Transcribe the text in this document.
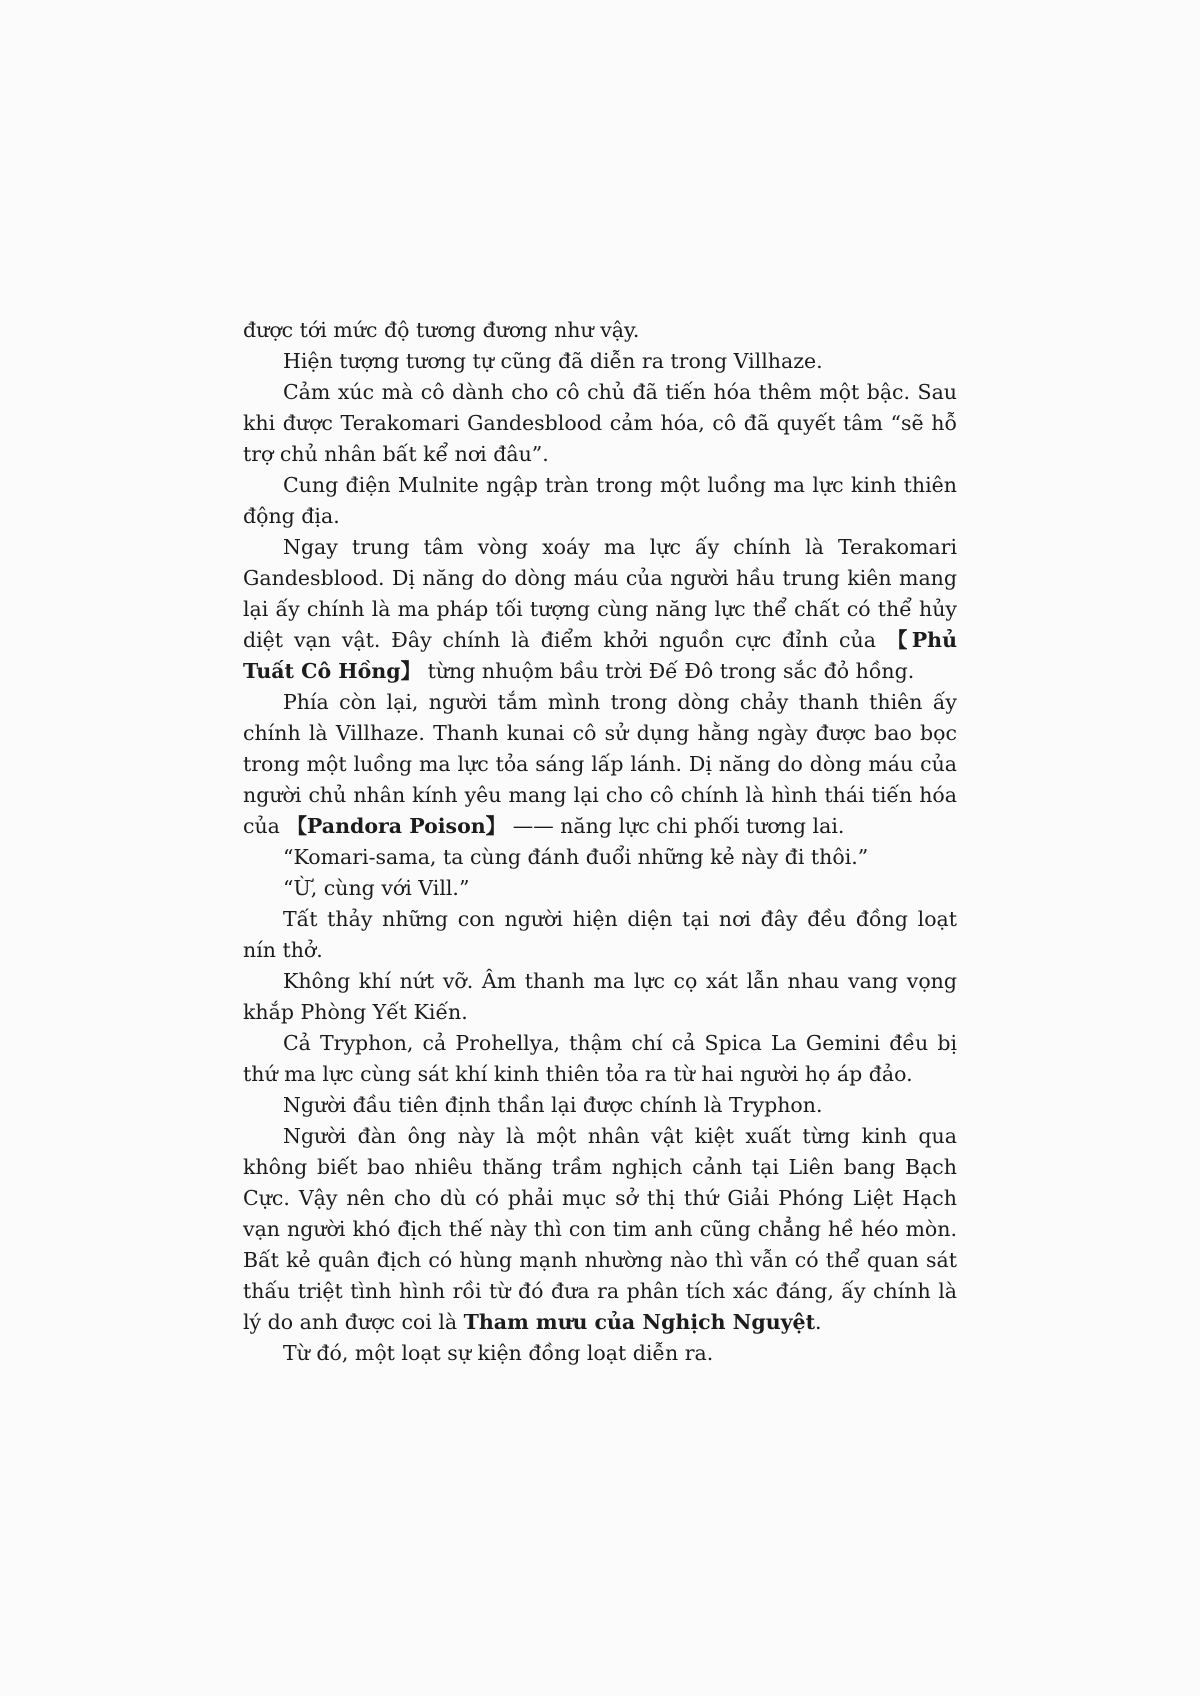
được tới mức độ tương đương như vậy.

Hiện tượng tương tự cũng đã diễn ra trong Villhaze.

Cảm xúc mà cô dành cho cô chủ đã tiến hóa thêm một bậc. Sau khi được Terakomari Gandesblood cảm hóa, cô đã quyết tâm “sẽ hỗ trợ chủ nhân bất kể nơi đâu”.

Cung điện Mulnite ngập tràn trong một luồng ma lực kinh thiên động địa.

Ngay trung tâm vòng xoáy ma lực ấy chính là Terakomari Gandesblood. Dị năng do dòng máu của người hầu trung kiên mang lại ấy chính là ma pháp tối tượng cùng năng lực thể chất có thể hủy diệt vạn vật. Đây chính là điểm khởi nguồn cực đỉnh của 【Phủ Tuất Cô Hồng】 từng nhuộm bầu trời Đế Đô trong sắc đỏ hồng.

Phía còn lại, người tắm mình trong dòng chảy thanh thiên ấy chính là Villhaze. Thanh kunai cô sử dụng hằng ngày được bao bọc trong một luồng ma lực tỏa sáng lấp lánh. Dị năng do dòng máu của người chủ nhân kính yêu mang lại cho cô chính là hình thái tiến hóa của 【Pandora Poison】 —— năng lực chi phối tương lai.

“Komari-sama, ta cùng đánh đuổi những kẻ này đi thôi.”

“Ừ, cùng với Vill.”

Tất thảy những con người hiện diện tại nơi đây đều đồng loạt nín thở.

Không khí nứt vỡ. Âm thanh ma lực cọ xát lẫn nhau vang vọng khắp Phòng Yết Kiến.

Cả Tryphon, cả Prohellya, thậm chí cả Spica La Gemini đều bị thứ ma lực cùng sát khí kinh thiên tỏa ra từ hai người họ áp đảo.

Người đầu tiên định thần lại được chính là Tryphon.

Người đàn ông này là một nhân vật kiệt xuất từng kinh qua không biết bao nhiêu thăng trầm nghịch cảnh tại Liên bang Bạch Cực. Vậy nên cho dù có phải mục sở thị thứ Giải Phóng Liệt Hạch vạn người khó địch thế này thì con tim anh cũng chẳng hề héo mòn. Bất kẻ quân địch có hùng mạnh nhường nào thì vẫn có thể quan sát thấu triệt tình hình rồi từ đó đưa ra phân tích xác đáng, ấy chính là lý do anh được coi là Tham mưu của Nghịch Nguyệt.

Từ đó, một loạt sự kiện đồng loạt diễn ra.
